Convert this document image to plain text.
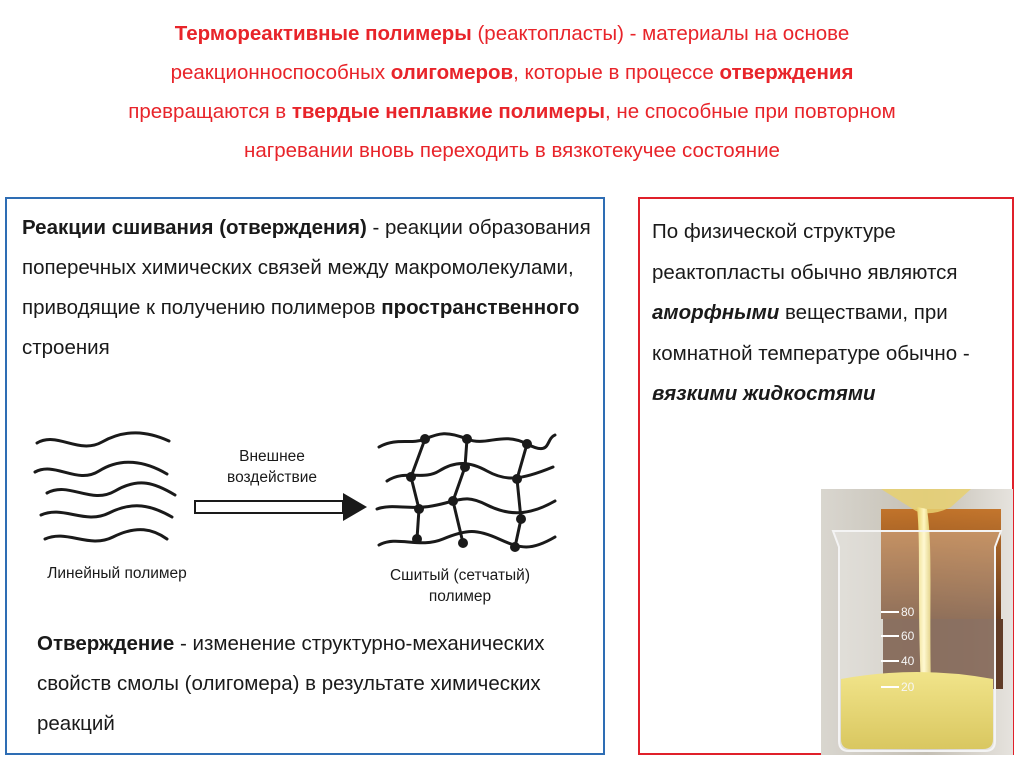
Термореактивные полимеры (реактопласты) - материалы на основе
реакционноспособных олигомеров, которые в процессе отверждения
превращаются в твердые неплавкие полимеры, не способные при повторном
нагревании вновь переходить в вязкотекучее состояние
Реакции сшивания (отверждения) - реакции образования поперечных химических связей между макромолекулами, приводящие к получению полимеров пространственного строения
Внешнее
воздействие
Линейный полимер	Сшитый (сетчатый)
полимер
Отверждение - изменение структурно-механических свойств смолы (олигомера) в результате химических реакций
По физической структуре реактопласты обычно являются аморфными веществами, при комнатной температуре обычно - вязкими жидкостями
80
60
40
20
